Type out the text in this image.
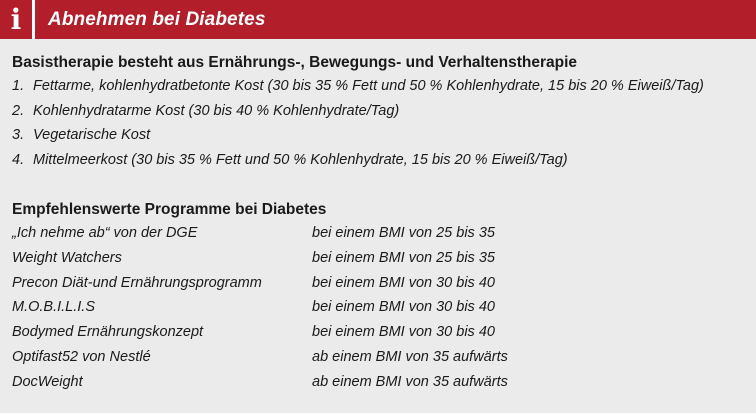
i Abnehmen bei Diabetes
Basistherapie besteht aus Ernährungs-, Bewegungs- und Verhaltenstherapie
1. Fettarme, kohlenhydratbetonte Kost (30 bis 35 % Fett und 50 % Kohlenhydrate, 15 bis 20 % Eiweiß/Tag)
2. Kohlenhydratarme Kost (30 bis 40 % Kohlenhydrate/Tag)
3. Vegetarische Kost
4. Mittelmeerkost (30 bis 35 % Fett und 50 % Kohlenhydrate, 15 bis 20 % Eiweiß/Tag)
Empfehlenswerte Programme bei Diabetes
„Ich nehme ab“ von der DGE	bei einem BMI von 25 bis 35
Weight Watchers	bei einem BMI von 25 bis 35
Precon Diät-und Ernährungsprogramm	bei einem BMI von 30 bis 40
M.O.B.I.L.I.S	bei einem BMI von 30 bis 40
Bodymed Ernährungskonzept	bei einem BMI von 30 bis 40
Optifast52 von Nestlé	ab einem BMI von 35 aufwärts
DocWeight	ab einem BMI von 35 aufwärts
